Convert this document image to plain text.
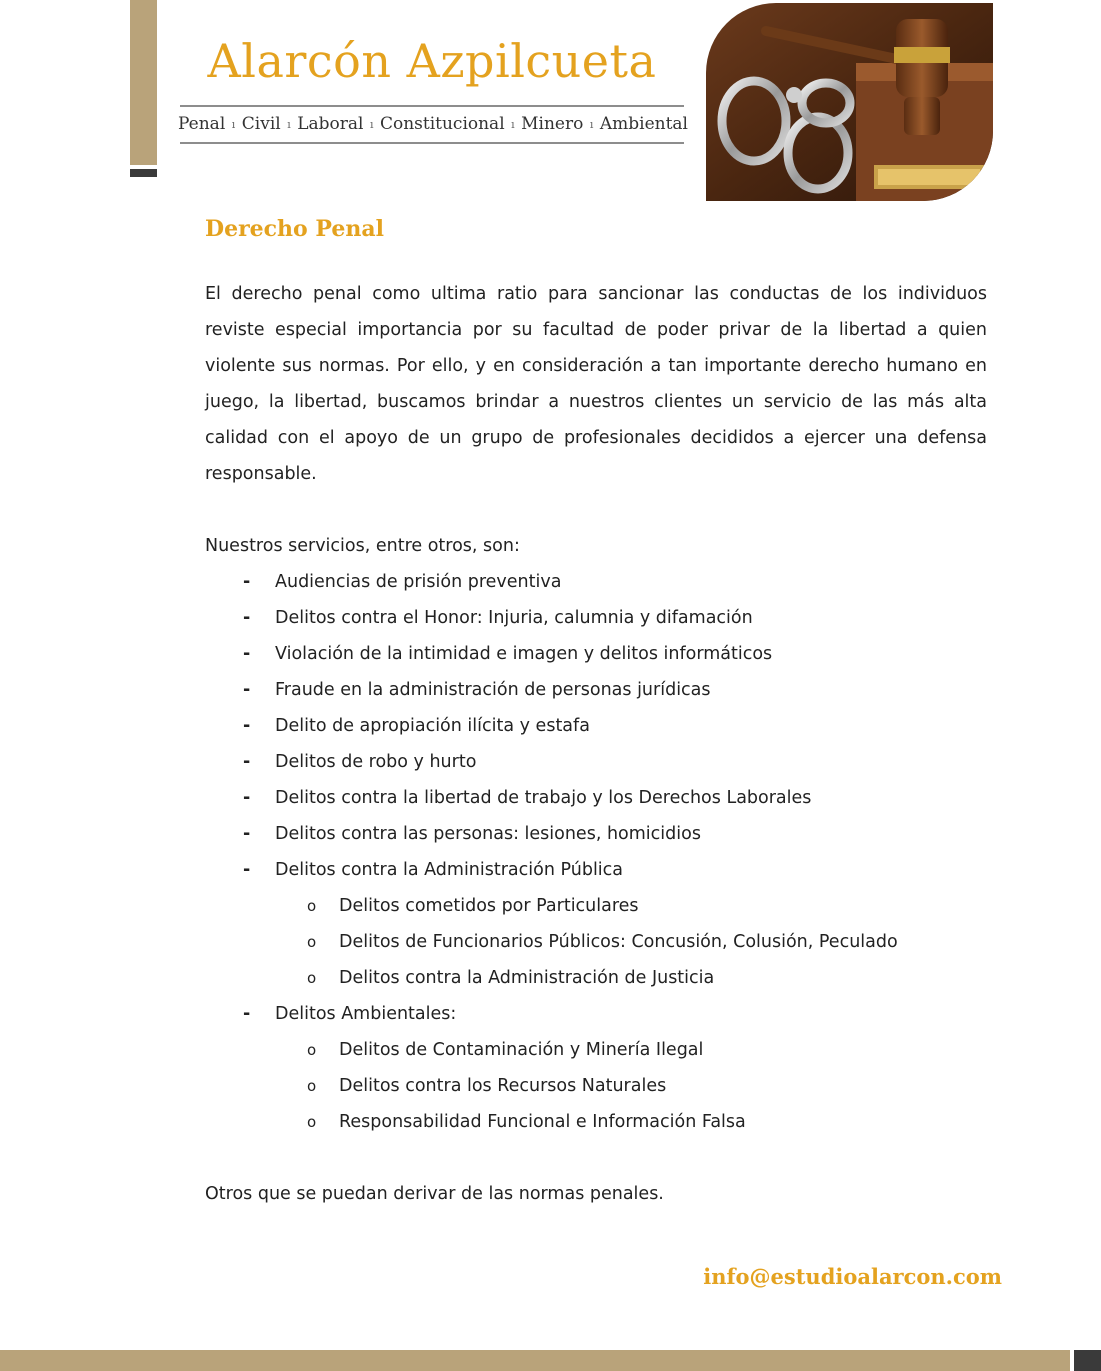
Alarcón Azpilcueta
Penal ı Civil ı Laboral ı Constitucional ı Minero ı Ambiental
Derecho Penal

El derecho penal como ultima ratio para sancionar las conductas de los individuos reviste especial importancia por su facultad de poder privar de la libertad a quien violente sus normas. Por ello, y en consideración a tan importante derecho humano en juego, la libertad, buscamos brindar a nuestros clientes un servicio de las más alta calidad con el apoyo de un grupo de profesionales decididos a ejercer una defensa responsable.

Nuestros servicios, entre otros, son:

- Audiencias de prisión preventiva
- Delitos contra el Honor: Injuria, calumnia y difamación
- Violación de la intimidad e imagen y delitos informáticos
- Fraude en la administración de personas jurídicas
- Delito de apropiación ilícita y estafa
- Delitos de robo y hurto
- Delitos contra la libertad de trabajo y los Derechos Laborales
- Delitos contra las personas: lesiones, homicidios
- Delitos contra la Administración Pública
o Delitos cometidos por Particulares
o Delitos de Funcionarios Públicos: Concusión, Colusión, Peculado
o Delitos contra la Administración de Justicia
- Delitos Ambientales:
o Delitos de Contaminación y Minería Ilegal
o Delitos contra los Recursos Naturales
o Responsabilidad Funcional e Información Falsa

Otros que se puedan derivar de las normas penales.

info@estudioalarcon.com
